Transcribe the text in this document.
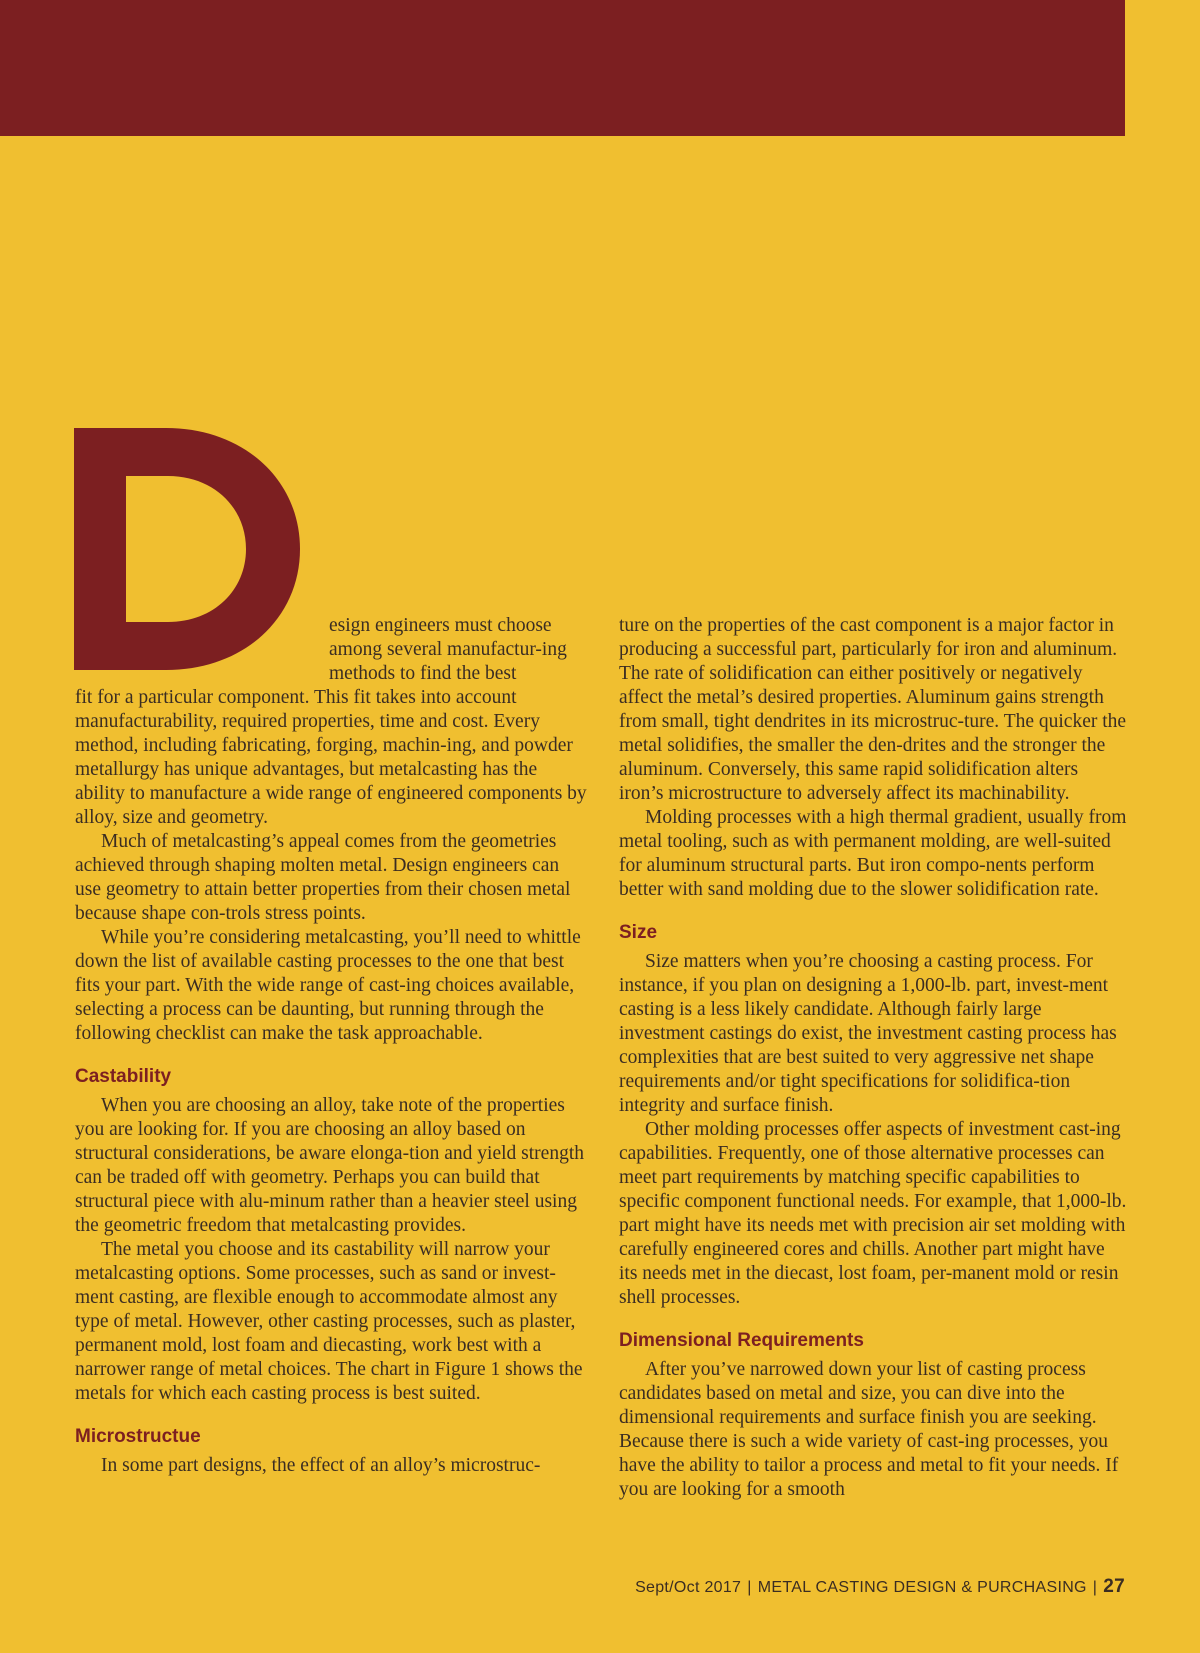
esign engineers must choose among several manufactur-ing methods to find the best

fit for a particular component. This fit takes into account manufacturability, required properties, time and cost. Every method, including fabricating, forging, machin-ing, and powder metallurgy has unique advantages, but metalcasting has the ability to manufacture a wide range of engineered components by alloy, size and geometry.

Much of metalcasting’s appeal comes from the geometries achieved through shaping molten metal. Design engineers can use geometry to attain better properties from their chosen metal because shape con-trols stress points.

While you’re considering metalcasting, you’ll need to whittle down the list of available casting processes to the one that best fits your part. With the wide range of cast-ing choices available, selecting a process can be daunting, but running through the following checklist can make the task approachable.

Castability

When you are choosing an alloy, take note of the properties you are looking for. If you are choosing an alloy based on structural considerations, be aware elonga-tion and yield strength can be traded off with geometry. Perhaps you can build that structural piece with alu-minum rather than a heavier steel using the geometric freedom that metalcasting provides.

The metal you choose and its castability will narrow your metalcasting options. Some processes, such as sand or invest-ment casting, are flexible enough to accommodate almost any type of metal. However, other casting processes, such as plaster, permanent mold, lost foam and diecasting, work best with a narrower range of metal choices. The chart in Figure 1 shows the metals for which each casting process is best suited.

Microstructue

In some part designs, the effect of an alloy’s microstruc-

ture on the properties of the cast component is a major factor in producing a successful part, particularly for iron and aluminum. The rate of solidification can either positively or negatively affect the metal’s desired properties. Aluminum gains strength from small, tight dendrites in its microstruc-ture. The quicker the metal solidifies, the smaller the den-drites and the stronger the aluminum. Conversely, this same rapid solidification alters iron’s microstructure to adversely affect its machinability.

Molding processes with a high thermal gradient, usually from metal tooling, such as with permanent molding, are well-suited for aluminum structural parts. But iron compo-nents perform better with sand molding due to the slower solidification rate.

Size

Size matters when you’re choosing a casting process. For instance, if you plan on designing a 1,000-lb. part, invest-ment casting is a less likely candidate. Although fairly large investment castings do exist, the investment casting process has complexities that are best suited to very aggressive net shape requirements and/or tight specifications for solidifica-tion integrity and surface finish.

Other molding processes offer aspects of investment cast-ing capabilities. Frequently, one of those alternative processes can meet part requirements by matching specific capabilities to specific component functional needs. For example, that 1,000-lb. part might have its needs met with precision air set molding with carefully engineered cores and chills. Another part might have its needs met in the diecast, lost foam, per-manent mold or resin shell processes.

Dimensional Requirements

After you’ve narrowed down your list of casting process candidates based on metal and size, you can dive into the dimensional requirements and surface finish you are seeking. Because there is such a wide variety of cast-ing processes, you have the ability to tailor a process and metal to fit your needs. If you are looking for a smooth

Sept/Oct 2017 | METAL CASTING DESIGN & PURCHASING | 27
